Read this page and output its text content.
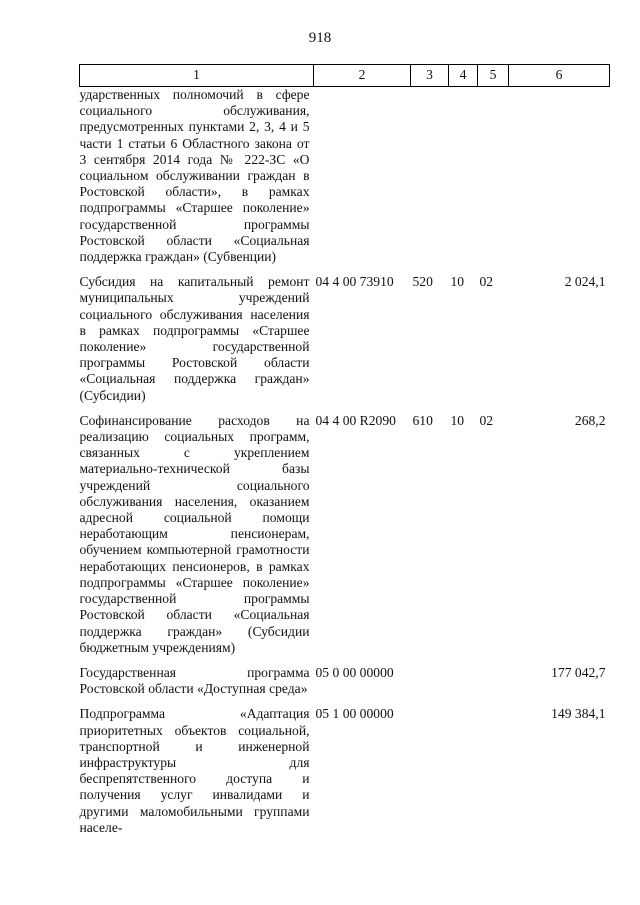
918
1	2	3	4	5	6
ударственных полномочий в сфере социального обслуживания, предусмотренных пунктами 2, 3, 4 и 5 части 1 статьи 6 Областного закона от 3 сентября 2014 года № 222-ЗС «О социальном обслуживании граждан в Ростовской области», в рамках подпрограммы «Старшее поколение» государственной программы Ростовской области «Социальная поддержка граждан» (Субвенции)					
Субсидия на капитальный ремонт муниципальных учреждений социального обслуживания населения в рамках подпрограммы «Старшее поколение» государственной программы Ростовской области «Социальная поддержка граждан» (Субсидии)	04 4 00 73910	520	10	02	2 024,1
Софинансирование расходов на реализацию социальных программ, связанных с укреплением материально-технической базы учреждений социального обслуживания населения, оказанием адресной социальной помощи неработающим пенсионерам, обучением компьютерной грамотности неработающих пенсионеров, в рамках подпрограммы «Старшее поколение» государственной программы Ростовской области «Социальная поддержка граждан» (Субсидии бюджетным учреждениям)	04 4 00 R2090	610	10	02	268,2
Государственная программа Ростовской области «Доступная среда»	05 0 00 00000				177 042,7
Подпрограмма «Адаптация приоритетных объектов социальной, транспортной и инженерной инфраструктуры для беспрепятственного доступа и получения услуг инвалидами и другими маломобильными группами населе-	05 1 00 00000				149 384,1
